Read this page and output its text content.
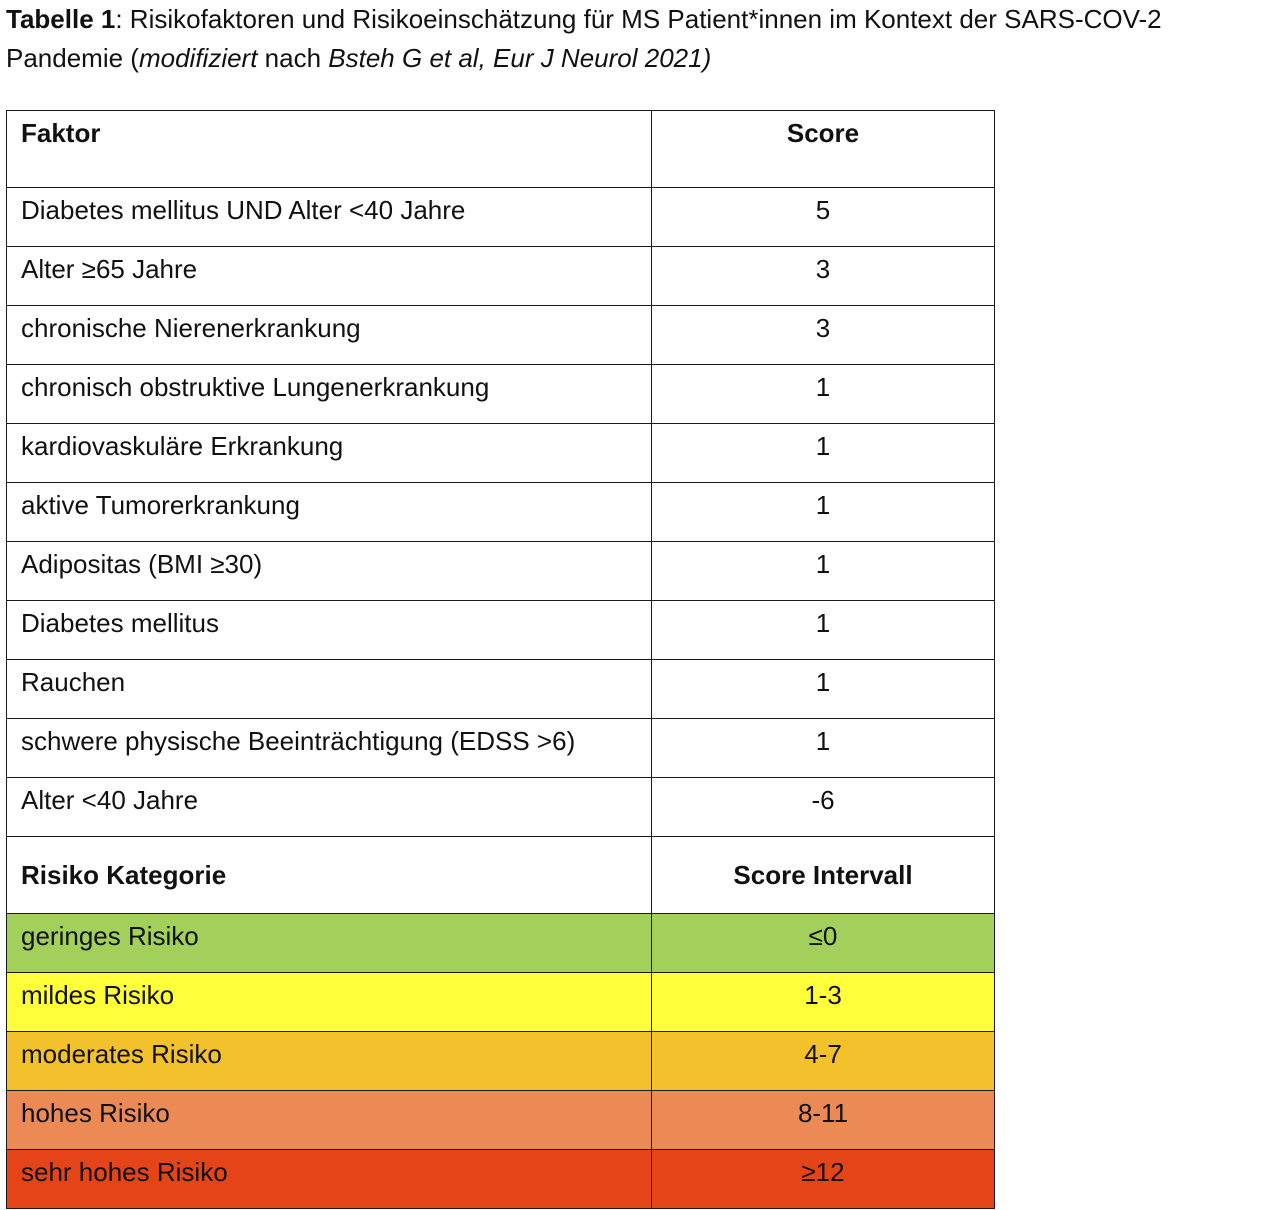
Tabelle 1: Risikofaktoren und Risikoeinschätzung für MS Patient*innen im Kontext der SARS-COV-2 Pandemie (modifiziert nach Bsteh G et al, Eur J Neurol 2021)
Faktor	Score
Diabetes mellitus UND Alter <40 Jahre	5
Alter ≥65 Jahre	3
chronische Nierenerkrankung	3
chronisch obstruktive Lungenerkrankung	1
kardiovaskuläre Erkrankung	1
aktive Tumorerkrankung	1
Adipositas (BMI ≥30)	1
Diabetes mellitus	1
Rauchen	1
schwere physische Beeinträchtigung (EDSS >6)	1
Alter <40 Jahre	-6
Risiko Kategorie	Score Intervall
geringes Risiko	≤0
mildes Risiko	1-3
moderates Risiko	4-7
hohes Risiko	8-11
sehr hohes Risiko	≥12
